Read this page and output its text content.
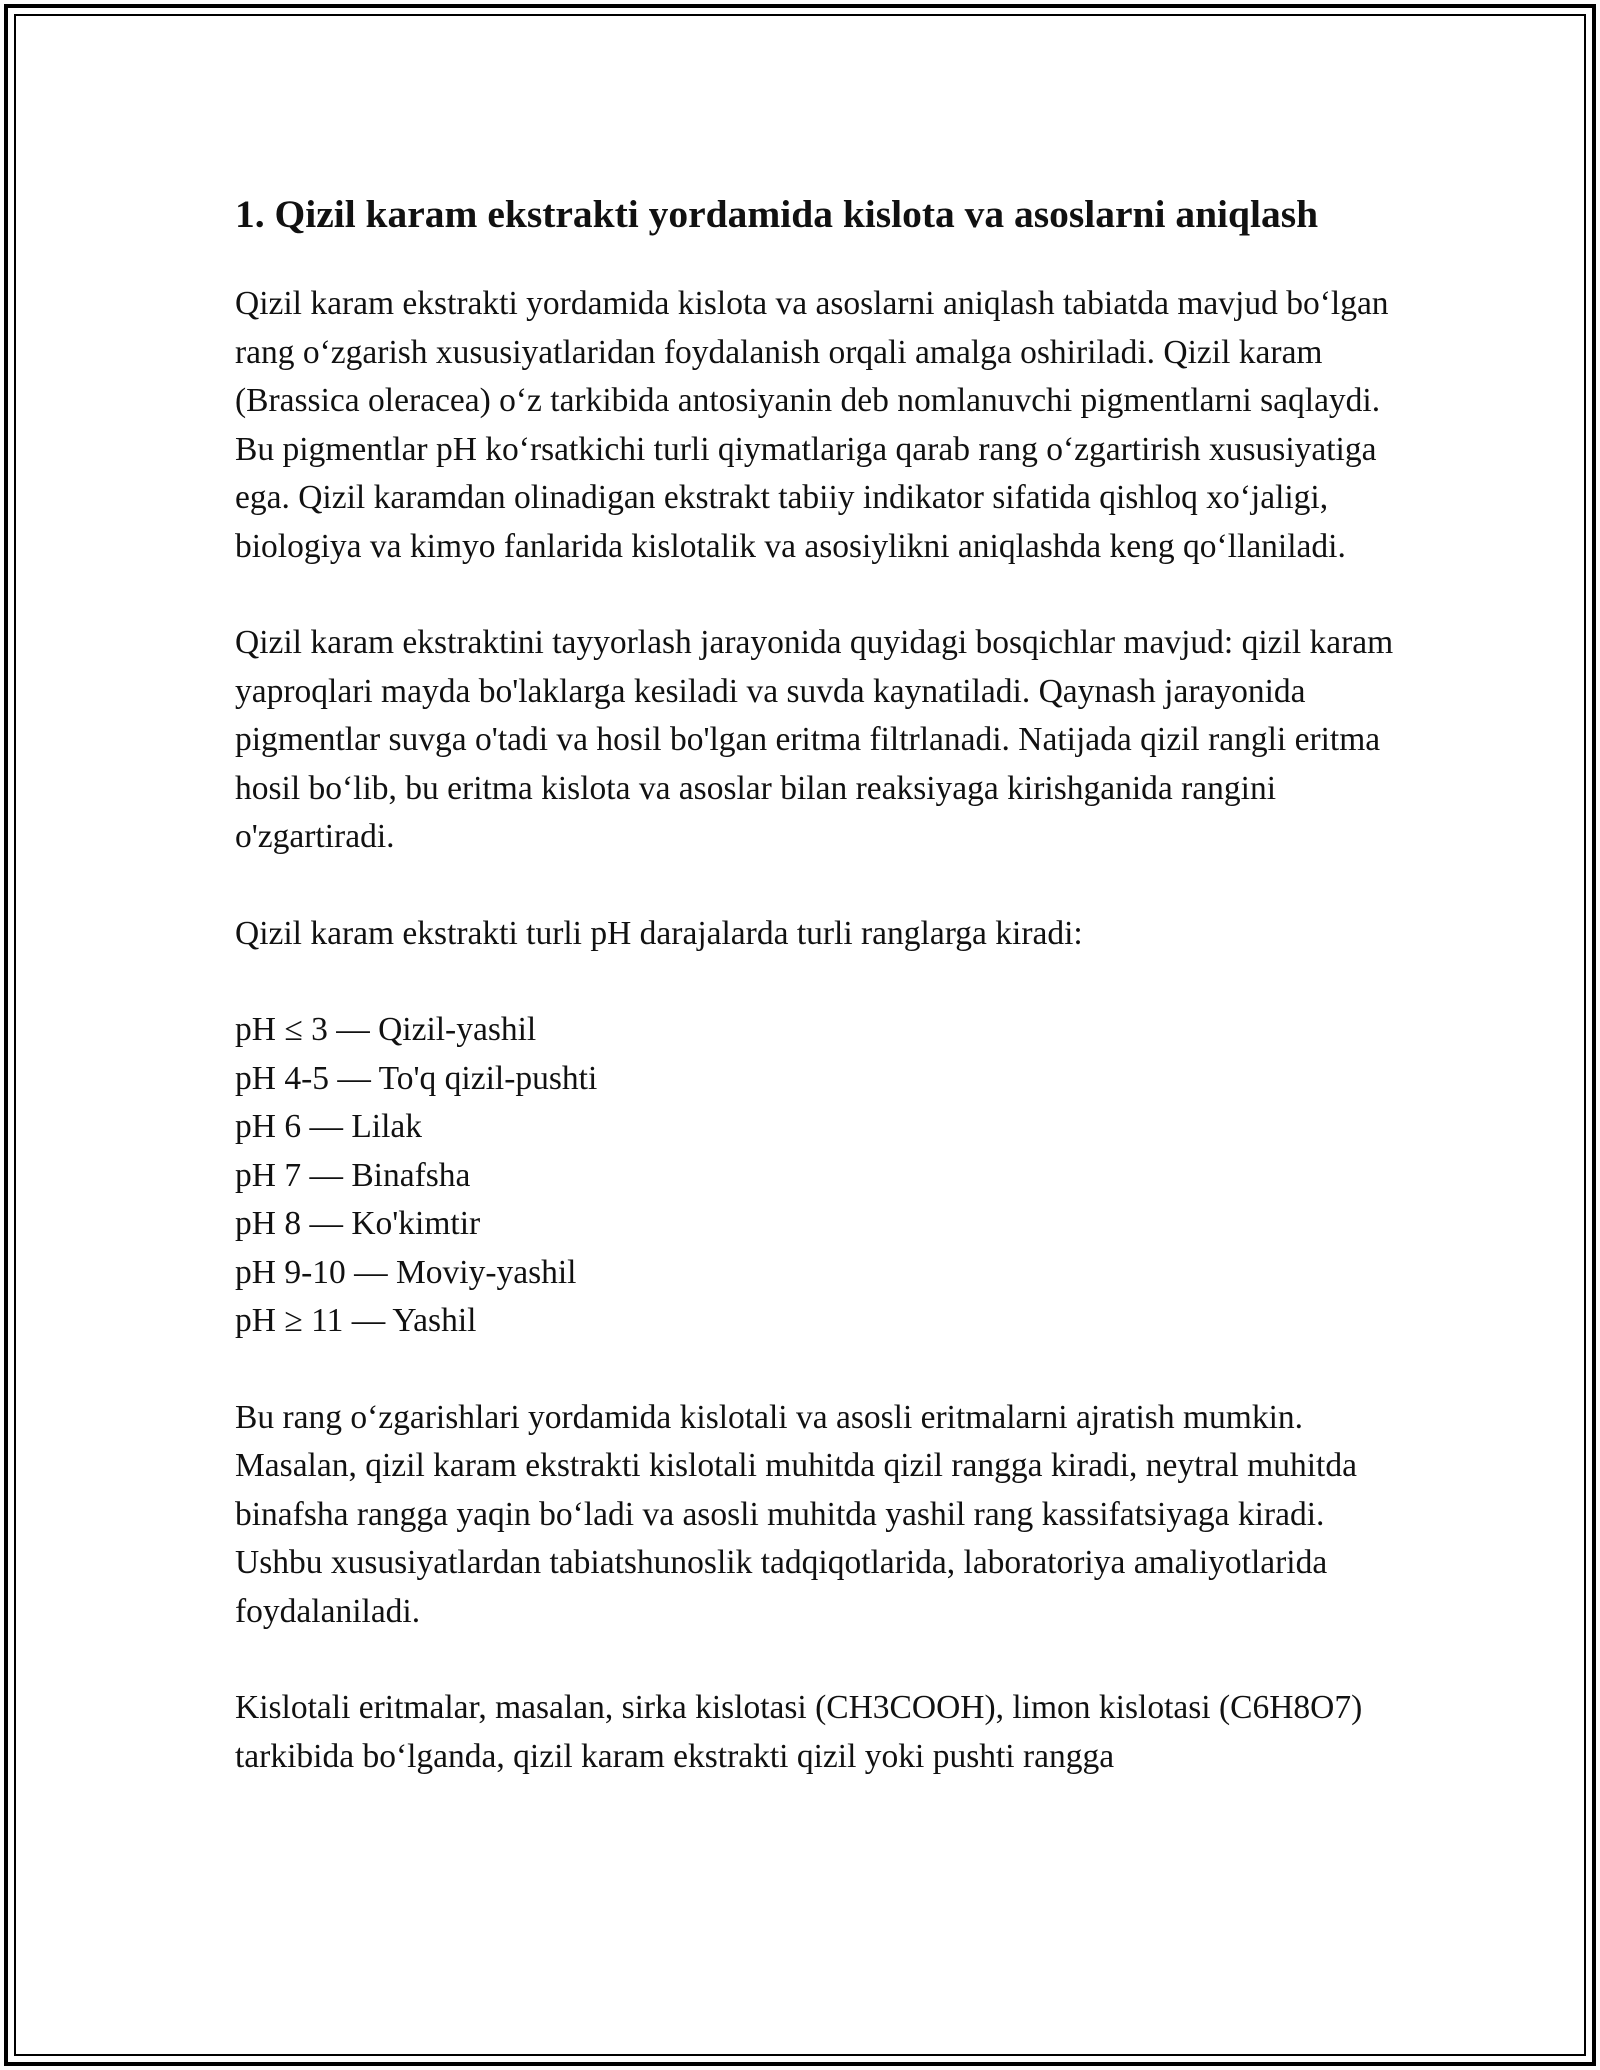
1. Qizil karam ekstrakti yordamida kislota va asoslarni aniqlash

Qizil karam ekstrakti yordamida kislota va asoslarni aniqlash tabiatda mavjud bo‘lgan rang o‘zgarish xususiyatlaridan foydalanish orqali amalga oshiriladi. Qizil karam (Brassica oleracea) o‘z tarkibida antosiyanin deb nomlanuvchi pigmentlarni saqlaydi. Bu pigmentlar pH ko‘rsatkichi turli qiymatlariga qarab rang o‘zgartirish xususiyatiga ega. Qizil karamdan olinadigan ekstrakt tabiiy indikator sifatida qishloq xo‘jaligi, biologiya va kimyo fanlarida kislotalik va asosiylikni aniqlashda keng qo‘llaniladi.

Qizil karam ekstraktini tayyorlash jarayonida quyidagi bosqichlar mavjud: qizil karam yaproqlari mayda bo'laklarga kesiladi va suvda kaynatiladi. Qaynash jarayonida pigmentlar suvga o'tadi va hosil bo'lgan eritma filtrlanadi. Natijada qizil rangli eritma hosil bo‘lib, bu eritma kislota va asoslar bilan reaksiyaga kirishganida rangini o'zgartiradi.

Qizil karam ekstrakti turli pH darajalarda turli ranglarga kiradi:

pH ≤ 3 — Qizil-yashil
pH 4-5 — To'q qizil-pushti
pH 6 — Lilak
pH 7 — Binafsha
pH 8 — Ko'kimtir
pH 9-10 — Moviy-yashil
pH ≥ 11 — Yashil

Bu rang o‘zgarishlari yordamida kislotali va asosli eritmalarni ajratish mumkin. Masalan, qizil karam ekstrakti kislotali muhitda qizil rangga kiradi, neytral muhitda binafsha rangga yaqin bo‘ladi va asosli muhitda yashil rang kassifatsiyaga kiradi. Ushbu xususiyatlardan tabiatshunoslik tadqiqotlarida, laboratoriya amaliyotlarida foydalaniladi.

Kislotali eritmalar, masalan, sirka kislotasi (CH3COOH), limon kislotasi (C6H8O7) tarkibida bo‘lganda, qizil karam ekstrakti qizil yoki pushti rangga
